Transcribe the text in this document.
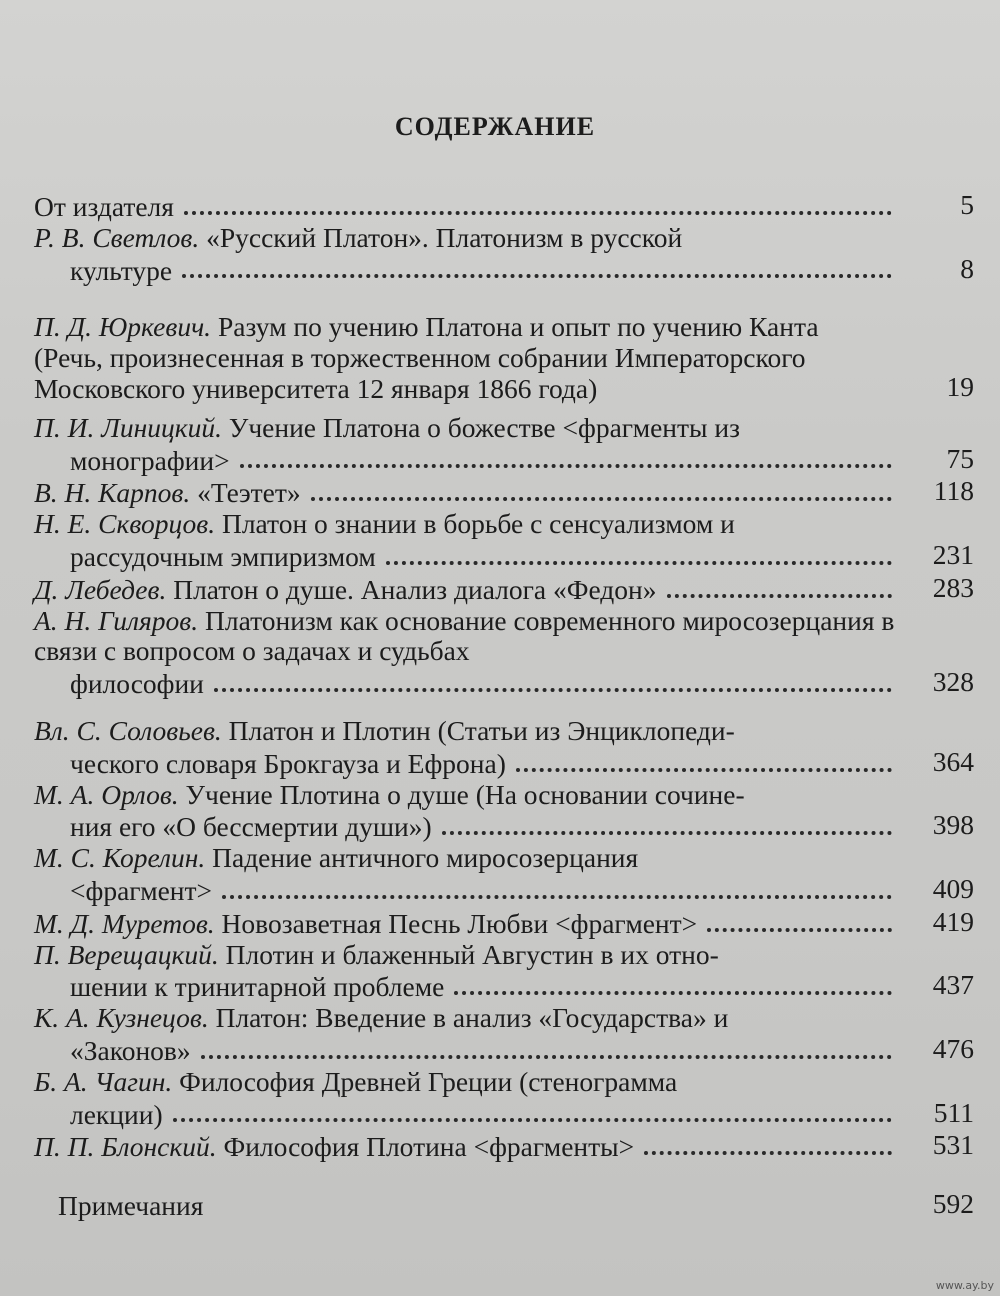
СОДЕРЖАНИЕ
От издателя	5
Р. В. Светлов. «Русский Платон». Платонизм в русской
культуре	8
П. Д. Юркевич. Разум по учению Платона и опыт по учению Канта (Речь, произнесенная в торжественном собрании Императорского Московского университета 12 января 1866 года)	19
П. И. Линицкий. Учение Платона о божестве <фрагменты из
монографии>	75
В. Н. Карпов. «Теэтет»	118
Н. Е. Скворцов. Платон о знании в борьбе с сенсуализмом и
рассудочным эмпиризмом	231
Д. Лебедев. Платон о душе. Анализ диалога «Федон»	283
А. Н. Гиляров. Платонизм как основание современного миросозерцания в связи с вопросом о задачах и судьбах
философии	328
Вл. С. Соловьев. Платон и Плотин (Статьи из Энциклопеди-
ческого словаря Брокгауза и Ефрона)	364
М. А. Орлов. Учение Плотина о душе (На основании сочине-
ния его «О бессмертии души»)	398
М. С. Корелин. Падение античного миросозерцания
<фрагмент>	409
М. Д. Муретов. Новозаветная Песнь Любви <фрагмент>	419
П. Верещацкий. Плотин и блаженный Августин в их отно-
шении к тринитарной проблеме	437
К. А. Кузнецов. Платон: Введение в анализ «Государства» и
«Законов»	476
Б. А. Чагин. Философия Древней Греции (стенограмма
лекции)	511
П. П. Блонский. Философия Плотина <фрагменты>	531
Примечания	592
www.ay.by
